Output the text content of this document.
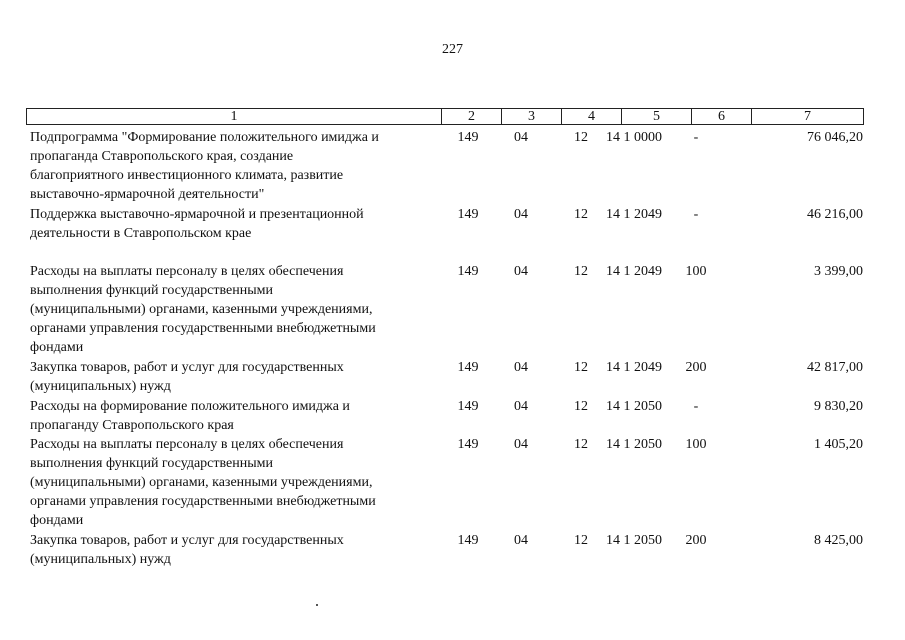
227
1	2	3	4	5	6	7
Подпрограмма "Формирование положительного имиджа и
пропаганда Ставропольского края, создание
благоприятного инвестиционного климата, развитие
выставочно-ярмарочной деятельности"
149	04	12	14 1 0000	-	76 046,20
Поддержка выставочно-ярмарочной и презентационной
деятельности в Ставропольском крае
149	04	12	14 1 2049	-	46 216,00
Расходы на выплаты персоналу в целях обеспечения
выполнения функций государственными
(муниципальными) органами, казенными учреждениями,
органами управления государственными внебюджетными
фондами
149	04	12	14 1 2049	100	3 399,00
Закупка товаров, работ и услуг для государственных
(муниципальных) нужд
149	04	12	14 1 2049	200	42 817,00
Расходы на формирование положительного имиджа и
пропаганду Ставропольского края
149	04	12	14 1 2050	-	9 830,20
Расходы на выплаты персоналу в целях обеспечения
выполнения функций государственными
(муниципальными) органами, казенными учреждениями,
органами управления государственными внебюджетными
фондами
149	04	12	14 1 2050	100	1 405,20
Закупка товаров, работ и услуг для государственных
(муниципальных) нужд
149	04	12	14 1 2050	200	8 425,00
